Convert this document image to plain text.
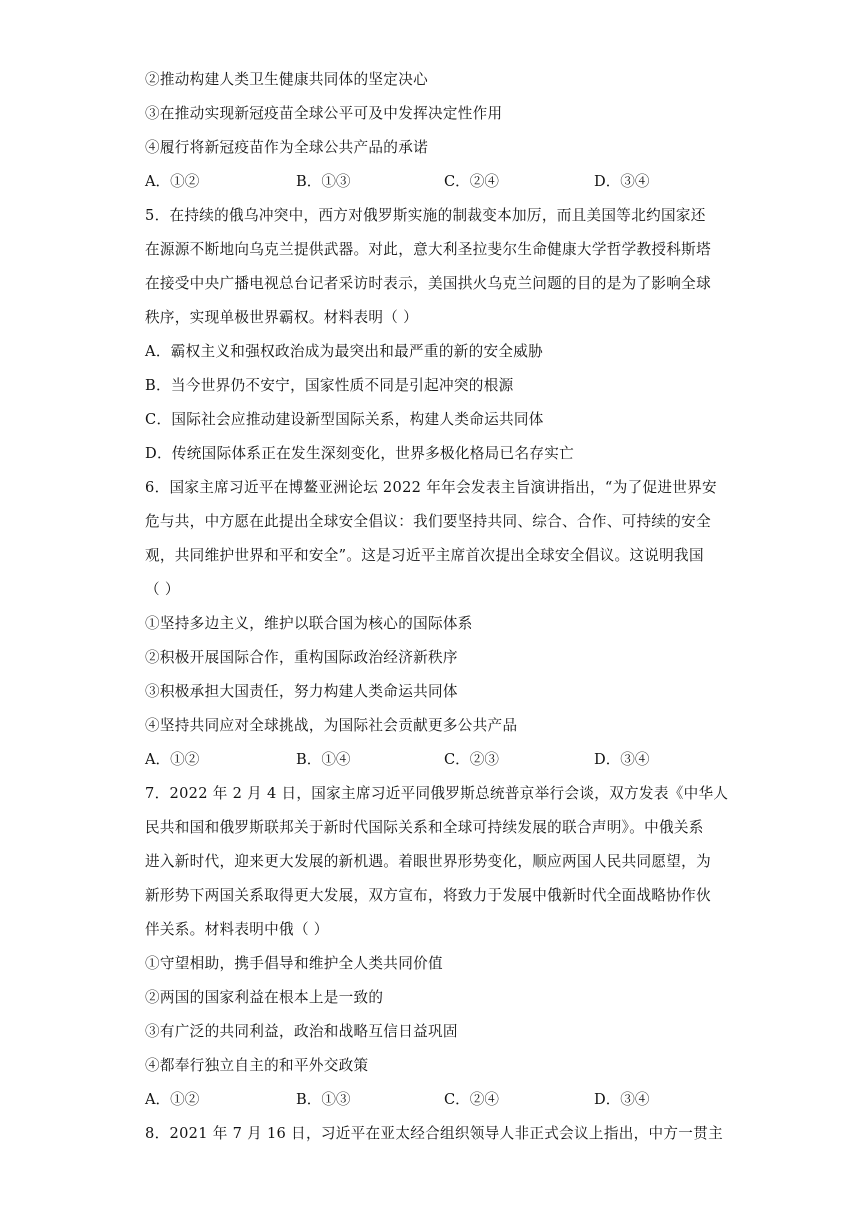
②推动构建人类卫生健康共同体的坚定决心
③在推动实现新冠疫苗全球公平可及中发挥决定性作用
④履行将新冠疫苗作为全球公共产品的承诺
A．①②	B．①③	C．②④	D．③④
5．在持续的俄乌冲突中，西方对俄罗斯实施的制裁变本加厉，而且美国等北约国家还
在源源不断地向乌克兰提供武器。对此，意大利圣拉斐尔生命健康大学哲学教授科斯塔
在接受中央广播电视总台记者采访时表示，美国拱火乌克兰问题的目的是为了影响全球
秩序，实现单极世界霸权。材料表明（ ）
A．霸权主义和强权政治成为最突出和最严重的新的安全威胁
B．当今世界仍不安宁，国家性质不同是引起冲突的根源
C．国际社会应推动建设新型国际关系，构建人类命运共同体
D．传统国际体系正在发生深刻变化，世界多极化格局已名存实亡
6．国家主席习近平在博鳌亚洲论坛 2022 年年会发表主旨演讲指出，“为了促进世界安
危与共，中方愿在此提出全球安全倡议：我们要坚持共同、综合、合作、可持续的安全
观，共同维护世界和平和安全”。这是习近平主席首次提出全球安全倡议。这说明我国
（ ）
①坚持多边主义，维护以联合国为核心的国际体系
②积极开展国际合作，重构国际政治经济新秩序
③积极承担大国责任，努力构建人类命运共同体
④坚持共同应对全球挑战，为国际社会贡献更多公共产品
A．①②	B．①④	C．②③	D．③④
7．2022 年 2 月 4 日，国家主席习近平同俄罗斯总统普京举行会谈，双方发表《中华人
民共和国和俄罗斯联邦关于新时代国际关系和全球可持续发展的联合声明》。中俄关系
进入新时代，迎来更大发展的新机遇。着眼世界形势变化，顺应两国人民共同愿望，为
新形势下两国关系取得更大发展，双方宣布，将致力于发展中俄新时代全面战略协作伙
伴关系。材料表明中俄（ ）
①守望相助，携手倡导和维护全人类共同价值
②两国的国家利益在根本上是一致的
③有广泛的共同利益，政治和战略互信日益巩固
④都奉行独立自主的和平外交政策
A．①②	B．①③	C．②④	D．③④
8．2021 年 7 月 16 日，习近平在亚太经合组织领导人非正式会议上指出，中方一贯主
